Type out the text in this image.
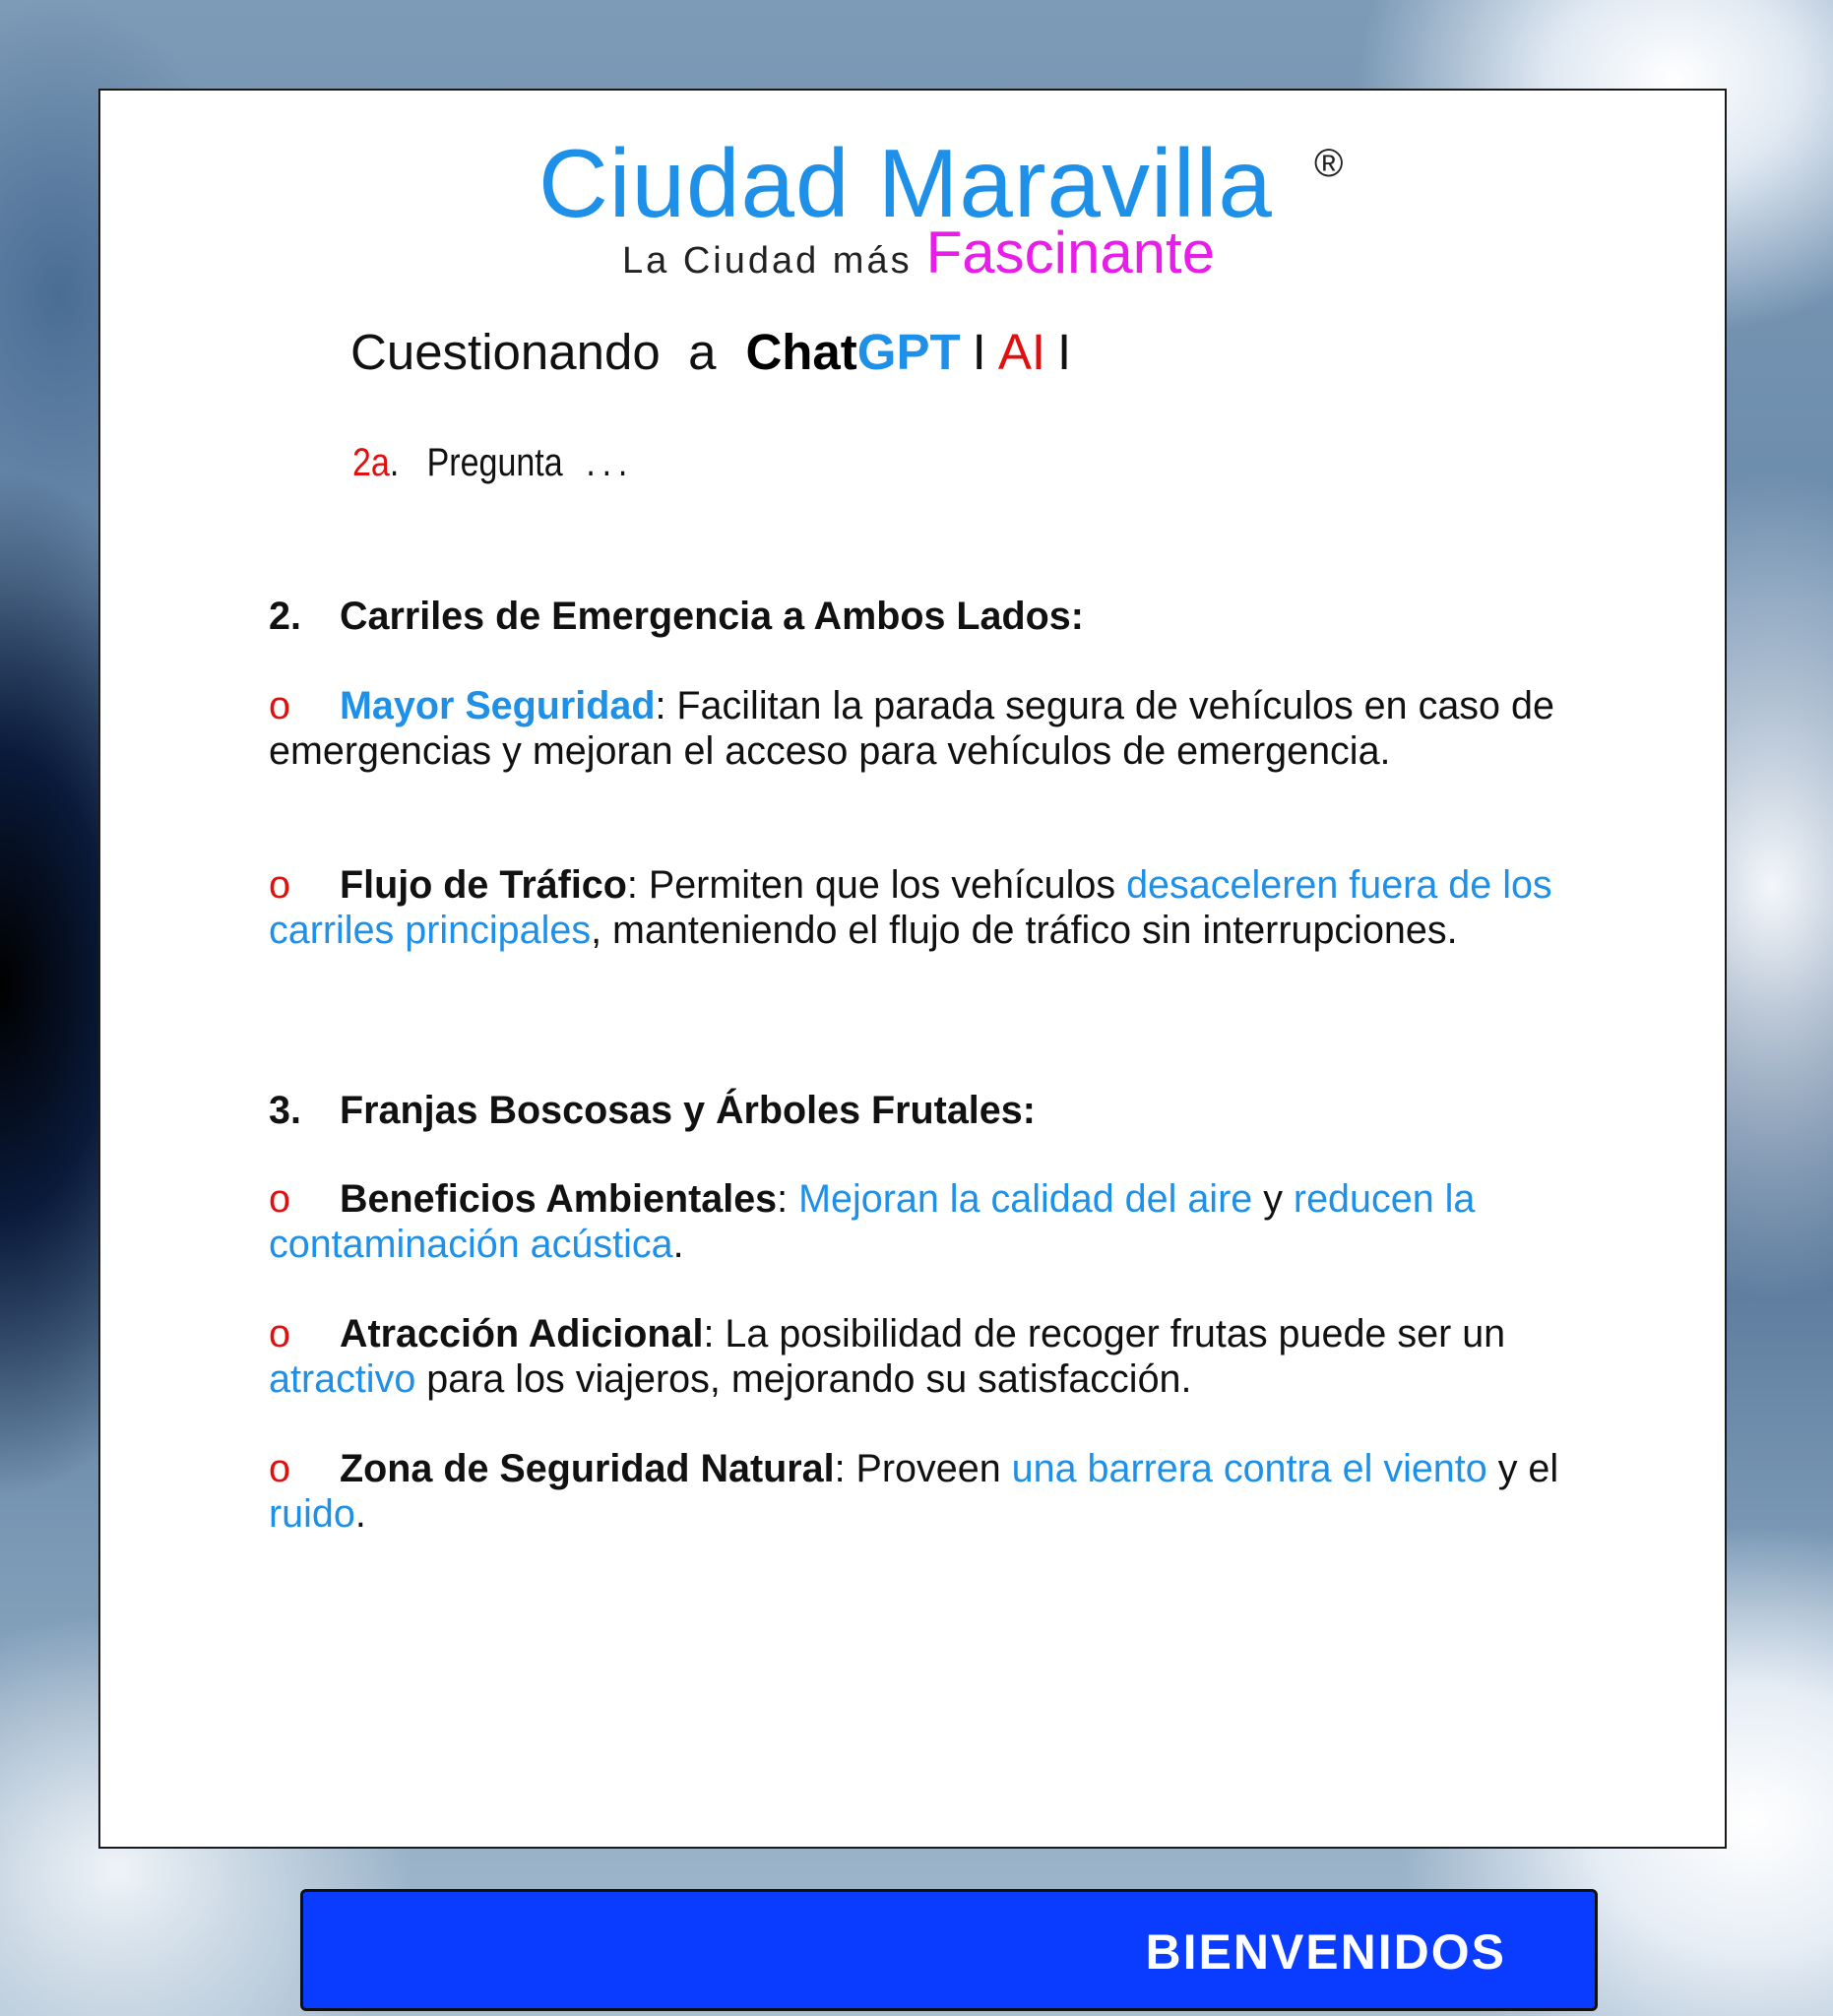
Ciudad Maravilla ®
La Ciudad más Fascinante
Cuestionando  a ChatGPT I AI I
2a. Pregunta ...
2. Carriles de Emergencia a Ambos Lados:
o Mayor Seguridad: Facilitan la parada segura de vehículos en caso de emergencias y mejoran el acceso para vehículos de emergencia.
o Flujo de Tráfico: Permiten que los vehículos desaceleren fuera de los carriles principales, manteniendo el flujo de tráfico sin interrupciones.
3. Franjas Boscosas y Árboles Frutales:
o Beneficios Ambientales: Mejoran la calidad del aire y reducen la contaminación acústica.
o Atracción Adicional: La posibilidad de recoger frutas puede ser un atractivo para los viajeros, mejorando su satisfacción.
o Zona de Seguridad Natural: Proveen una barrera contra el viento y el ruido.
BIENVENIDOS
